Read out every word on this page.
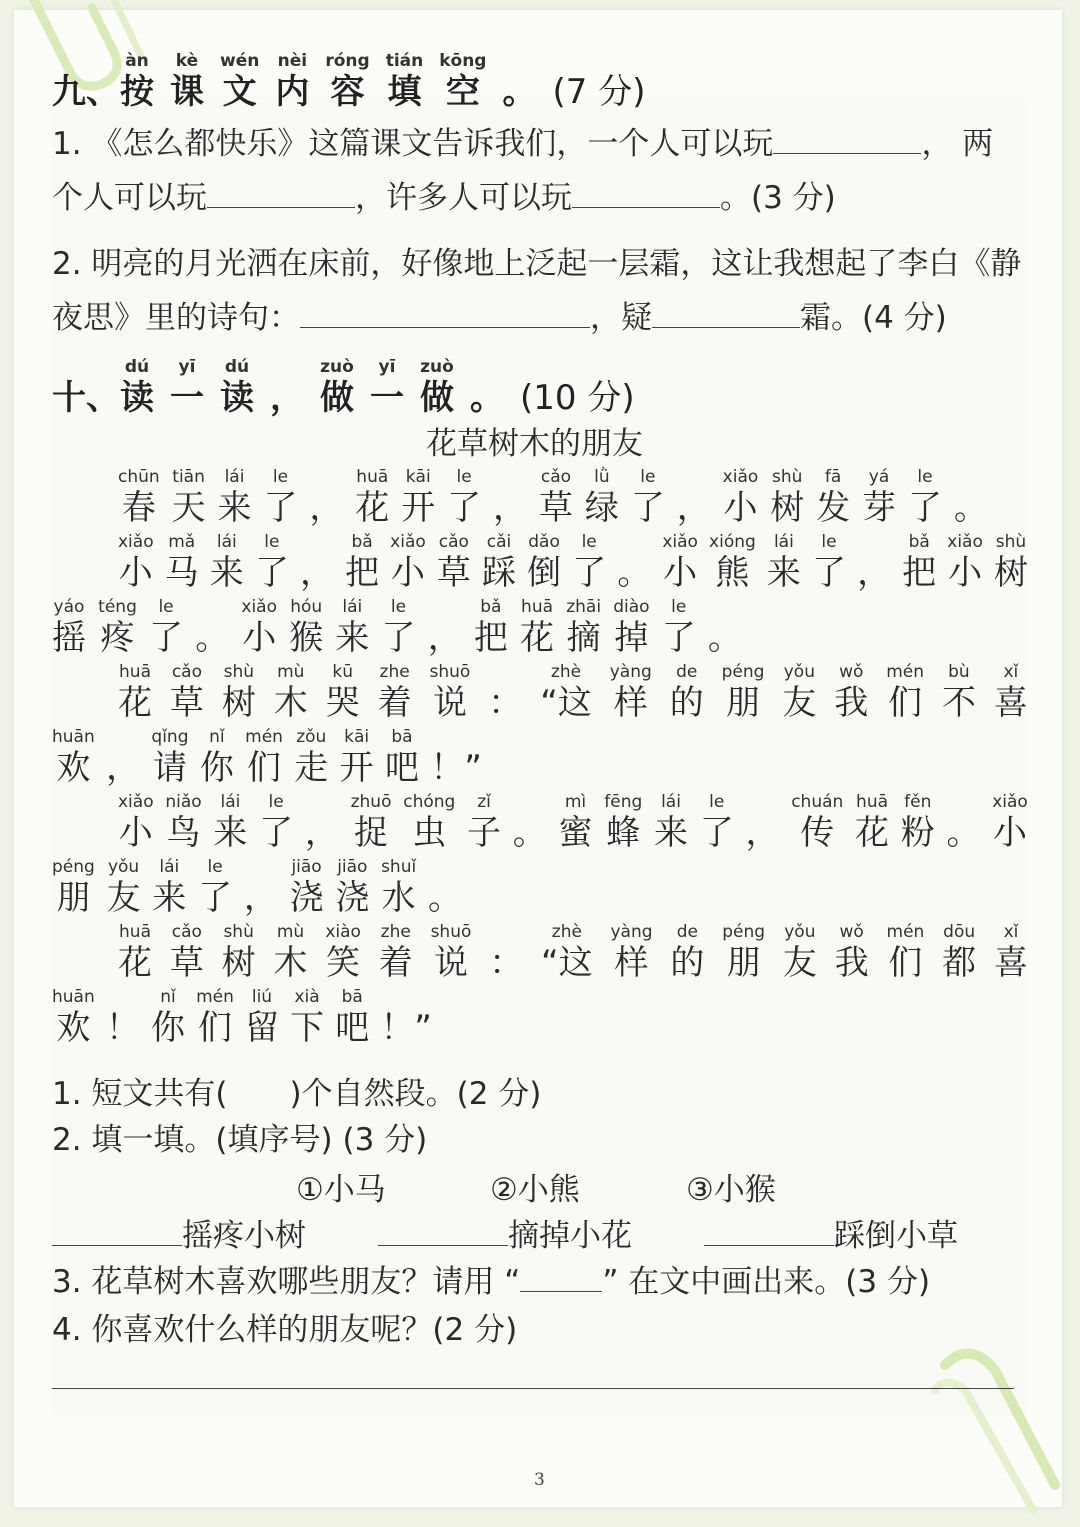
九、
àn
按
kè
课
wén
文
nèi
内
róng
容
tián
填
kōng
空 。 (7 分)
1. 《怎么都快乐》这篇课文告诉我们，一个人可以玩	， 两
个人可以玩	，许多人可以玩	。(3 分)
2. 明亮的月光洒在床前，好像地上泛起一层霜，这让我想起了李白《静
夜思》里的诗句：	，疑	霜。(4 分)
十、
dú
读
yī
一
dú
读 ，
zuò
做
yī
一
zuò
做 。 (10 分)
花草树木的朋友
chūn
春
tiān
天
lái
来
le
了 ，
huā
花
kāi
开
le
了 ，
cǎo
草
lǜ
绿
le
了 ，
xiǎo
小
shù
树
fā
发
yá
芽
le
了 。
xiǎo
小
mǎ
马
lái
来
le
了 ，
bǎ
把
xiǎo
小
cǎo
草
cǎi
踩
dǎo
倒
le
了 。
xiǎo
小
xióng
熊
lái
来
le
了 ，
bǎ
把
xiǎo
小
shù
树
yáo
摇
téng
疼
le
了 。
xiǎo
小
hóu
猴
lái
来
le
了 ，
bǎ
把
huā
花
zhāi
摘
diào
掉
le
了 。
huā
花
cǎo
草
shù
树
mù
木
kū
哭
zhe
着
shuō
说 ：
zhè
“这
yàng
样
de
的
péng
朋
yǒu
友
wǒ
我
mén
们
bù
不
xǐ
喜
huān
欢 ，
qǐng
请
nǐ
你
mén
们
zǒu
走
kāi
开
bā
吧 ！”
xiǎo
小
niǎo
鸟
lái
来
le
了 ，
zhuō
捉
chóng
虫
zǐ
子 。
mì
蜜
fēng
蜂
lái
来
le
了 ，
chuán
传
huā
花
fěn
粉 。
xiǎo
小
péng
朋
yǒu
友
lái
来
le
了 ，
jiāo
浇
jiāo
浇
shuǐ
水 。
huā
花
cǎo
草
shù
树
mù
木
xiào
笑
zhe
着
shuō
说 ：
zhè
“这
yàng
样
de
的
péng
朋
yǒu
友
wǒ
我
mén
们
dōu
都
xǐ
喜
huān
欢 ！
nǐ
你
mén
们
liú
留
xià
下
bā
吧 ！”
1. 短文共有( )个自然段。(2 分)
2. 填一填。(填序号) (3 分)
①小马	②小熊	③小猴
摇疼小树	摘掉小花	踩倒小草
3. 花草树木喜欢哪些朋友？请用 “	” 在文中画出来。(3 分)
4. 你喜欢什么样的朋友呢？(2 分)
3
